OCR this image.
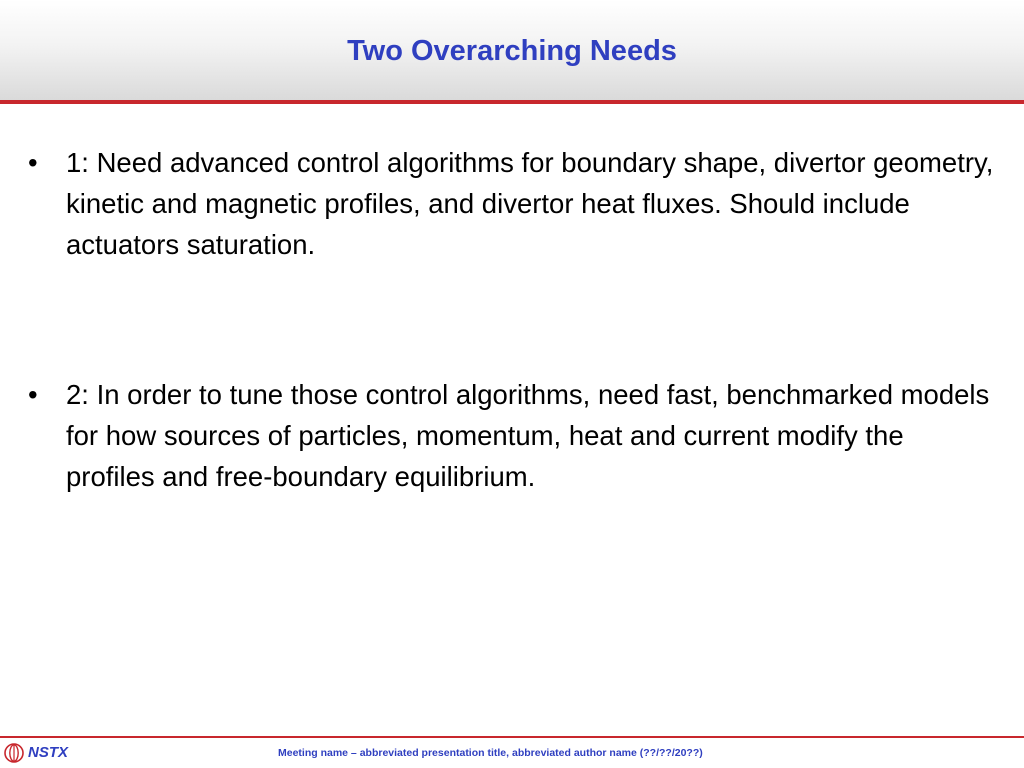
Two Overarching Needs
•	1: Need advanced control algorithms for boundary shape, divertor geometry, kinetic and magnetic profiles, and divertor heat fluxes. Should include actuators saturation.
•	2: In order to tune those control algorithms, need fast, benchmarked models for how sources of particles, momentum, heat and current modify the profiles and free-boundary equilibrium.
NSTX	Meeting name – abbreviated presentation title, abbreviated author name (??/??/20??)
